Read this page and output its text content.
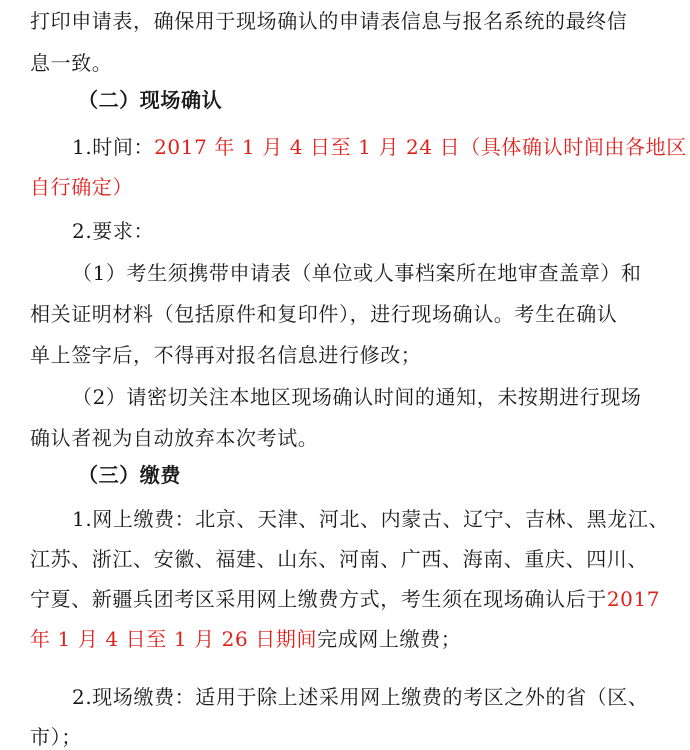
打印申请表，确保用于现场确认的申请表信息与报名系统的最终信
息一致。
（二）现场确认
1.时间：2017 年 1 月 4 日至 1 月 24 日（具体确认时间由各地区
自行确定）
2.要求：
（1）考生须携带申请表（单位或人事档案所在地审查盖章）和
相关证明材料（包括原件和复印件），进行现场确认。考生在确认
单上签字后，不得再对报名信息进行修改；
（2）请密切关注本地区现场确认时间的通知，未按期进行现场
确认者视为自动放弃本次考试。
（三）缴费
1.网上缴费：北京、天津、河北、内蒙古、辽宁、吉林、黑龙江、
江苏、浙江、安徽、福建、山东、河南、广西、海南、重庆、四川、
宁夏、新疆兵团考区采用网上缴费方式，考生须在现场确认后于2017
年 1 月 4 日至 1 月 26 日期间完成网上缴费；
2.现场缴费：适用于除上述采用网上缴费的考区之外的省（区、
市）；
